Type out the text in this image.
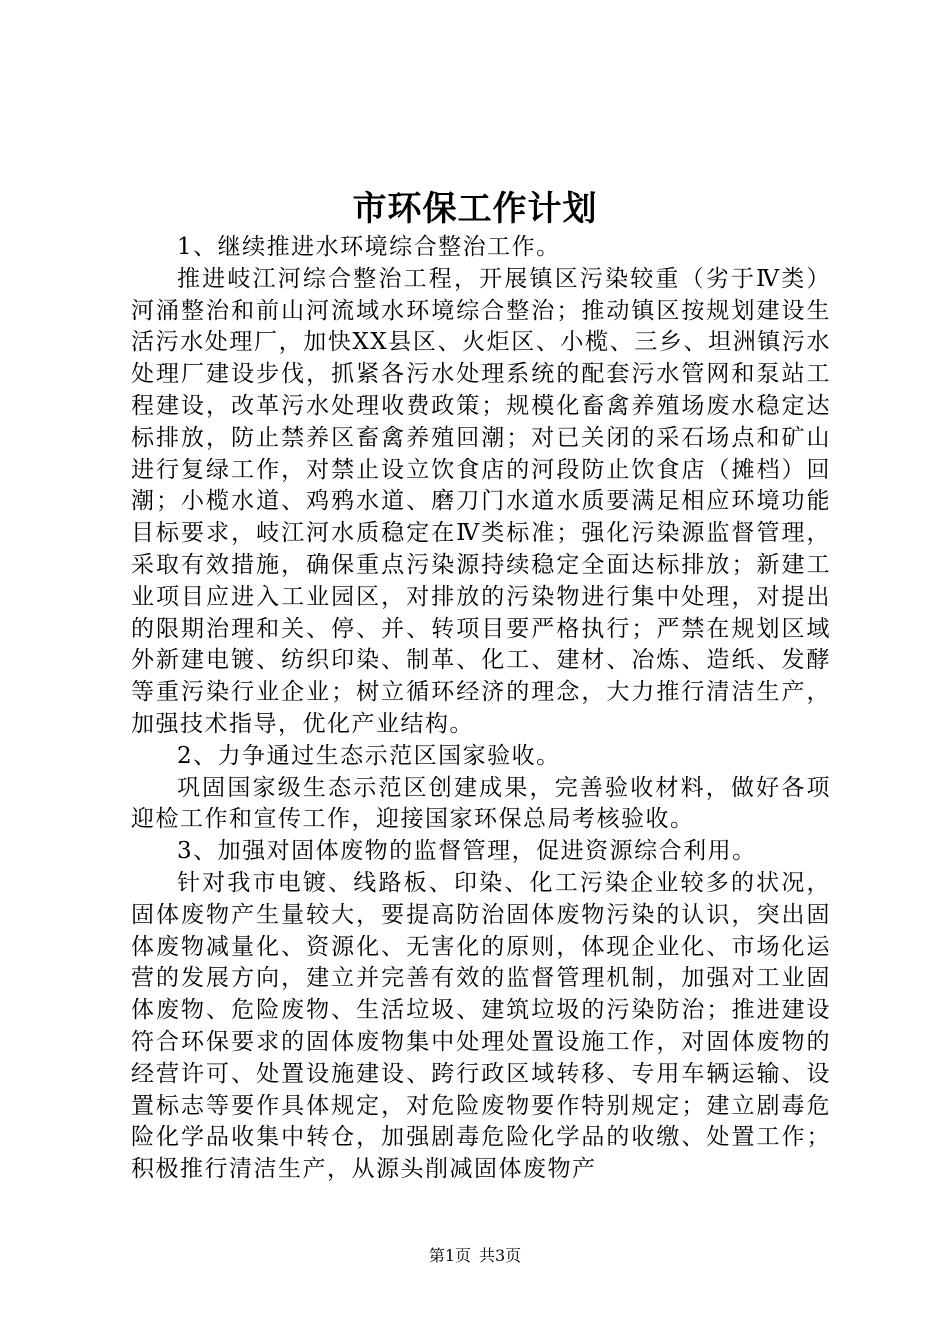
市环保工作计划

1、继续推进水环境综合整治工作。

推进岐江河综合整治工程，开展镇区污染较重（劣于Ⅳ类）河涌整治和前山河流域水环境综合整治；推动镇区按规划建设生活污水处理厂，加快XX县区、火炬区、小榄、三乡、坦洲镇污水处理厂建设步伐，抓紧各污水处理系统的配套污水管网和泵站工程建设，改革污水处理收费政策；规模化畜禽养殖场废水稳定达标排放，防止禁养区畜禽养殖回潮；对已关闭的采石场点和矿山进行复绿工作，对禁止设立饮食店的河段防止饮食店（摊档）回潮；小榄水道、鸡鸦水道、磨刀门水道水质要满足相应环境功能目标要求，岐江河水质稳定在Ⅳ类标准；强化污染源监督管理，采取有效措施，确保重点污染源持续稳定全面达标排放；新建工业项目应进入工业园区，对排放的污染物进行集中处理，对提出的限期治理和关、停、并、转项目要严格执行；严禁在规划区域外新建电镀、纺织印染、制革、化工、建材、冶炼、造纸、发酵等重污染行业企业；树立循环经济的理念，大力推行清洁生产，加强技术指导，优化产业结构。

2、力争通过生态示范区国家验收。

巩固国家级生态示范区创建成果，完善验收材料，做好各项迎检工作和宣传工作，迎接国家环保总局考核验收。

3、加强对固体废物的监督管理，促进资源综合利用。

针对我市电镀、线路板、印染、化工污染企业较多的状况，固体废物产生量较大，要提高防治固体废物污染的认识，突出固体废物减量化、资源化、无害化的原则，体现企业化、市场化运营的发展方向，建立并完善有效的监督管理机制，加强对工业固体废物、危险废物、生活垃圾、建筑垃圾的污染防治；推进建设符合环保要求的固体废物集中处理处置设施工作，对固体废物的经营许可、处置设施建设、跨行政区域转移、专用车辆运输、设置标志等要作具体规定，对危险废物要作特别规定；建立剧毒危险化学品收集中转仓，加强剧毒危险化学品的收缴、处置工作；积极推行清洁生产，从源头削减固体废物产

第1页 共3页
